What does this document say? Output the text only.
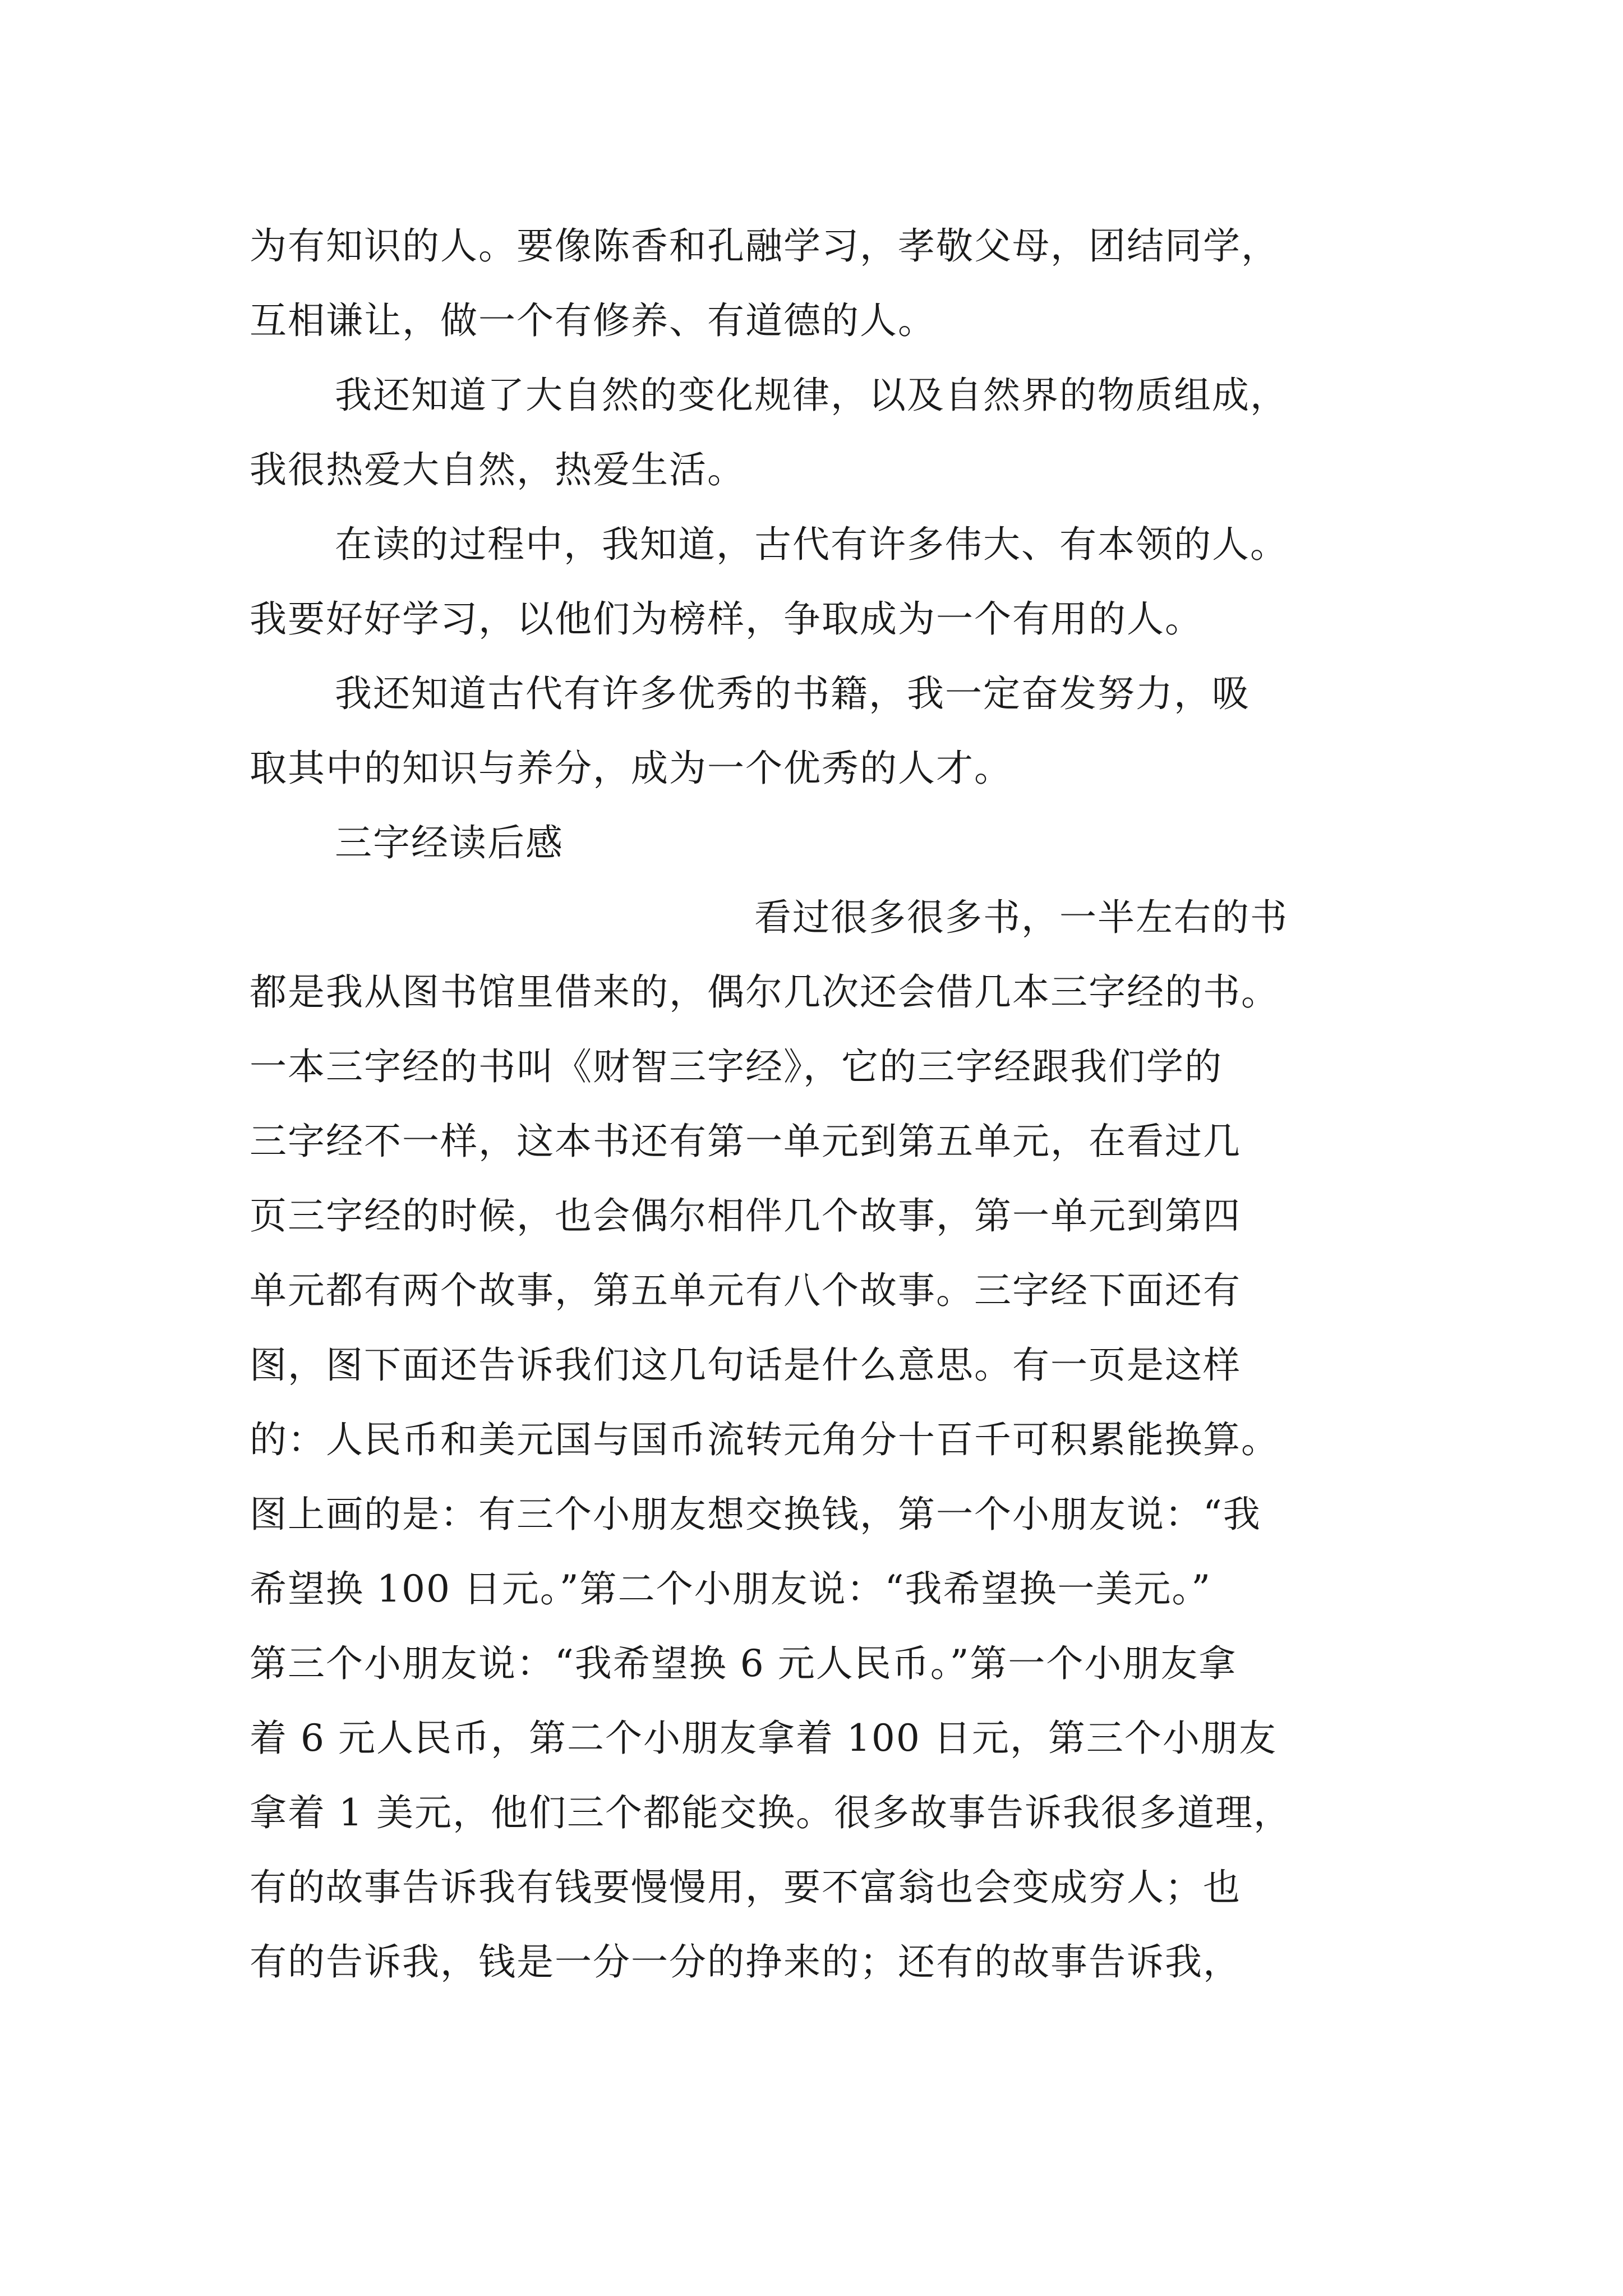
为有知识的人。要像陈香和孔融学习，孝敬父母，团结同学，
互相谦让，做一个有修养、有道德的人。
我还知道了大自然的变化规律，以及自然界的物质组成，
我很热爱大自然，热爱生活。
在读的过程中，我知道，古代有许多伟大、有本领的人。
我要好好学习，以他们为榜样，争取成为一个有用的人。
我还知道古代有许多优秀的书籍，我一定奋发努力，吸
取其中的知识与养分，成为一个优秀的人才。
三字经读后感
看过很多很多书，一半左右的书
都是我从图书馆里借来的，偶尔几次还会借几本三字经的书。
一本三字经的书叫《财智三字经》，它的三字经跟我们学的
三字经不一样，这本书还有第一单元到第五单元，在看过几
页三字经的时候，也会偶尔相伴几个故事，第一单元到第四
单元都有两个故事，第五单元有八个故事。三字经下面还有
图，图下面还告诉我们这几句话是什么意思。有一页是这样
的：人民币和美元国与国币流转元角分十百千可积累能换算。
图上画的是：有三个小朋友想交换钱，第一个小朋友说：“我
希望换 100 日元。”第二个小朋友说：“我希望换一美元。”
第三个小朋友说：“我希望换 6 元人民币。”第一个小朋友拿
着 6 元人民币，第二个小朋友拿着 100 日元，第三个小朋友
拿着 1 美元，他们三个都能交换。很多故事告诉我很多道理，
有的故事告诉我有钱要慢慢用，要不富翁也会变成穷人；也
有的告诉我，钱是一分一分的挣来的；还有的故事告诉我，
